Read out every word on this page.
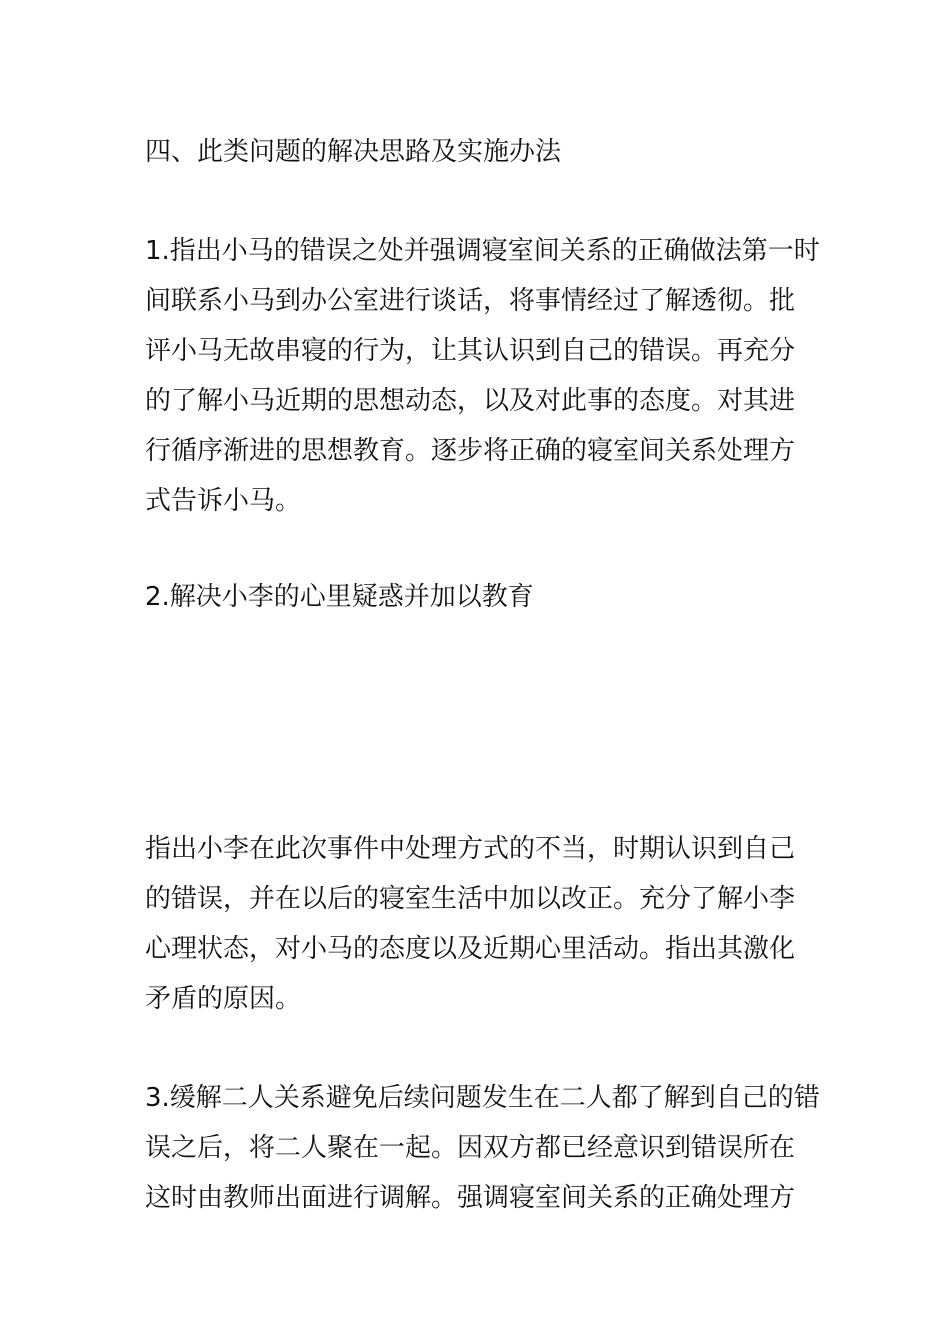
四、此类问题的解决思路及实施办法

1.指出小马的错误之处并强调寝室间关系的正确做法第一时
间联系小马到办公室进行谈话，将事情经过了解透彻。批
评小马无故串寝的行为，让其认识到自己的错误。再充分
的了解小马近期的思想动态，以及对此事的态度。对其进
行循序渐进的思想教育。逐步将正确的寝室间关系处理方
式告诉小马。

2.解决小李的心里疑惑并加以教育

指出小李在此次事件中处理方式的不当，时期认识到自己
的错误，并在以后的寝室生活中加以改正。充分了解小李
心理状态，对小马的态度以及近期心里活动。指出其激化
矛盾的原因。

3.缓解二人关系避免后续问题发生在二人都了解到自己的错
误之后，将二人聚在一起。因双方都已经意识到错误所在
这时由教师出面进行调解。强调寝室间关系的正确处理方
